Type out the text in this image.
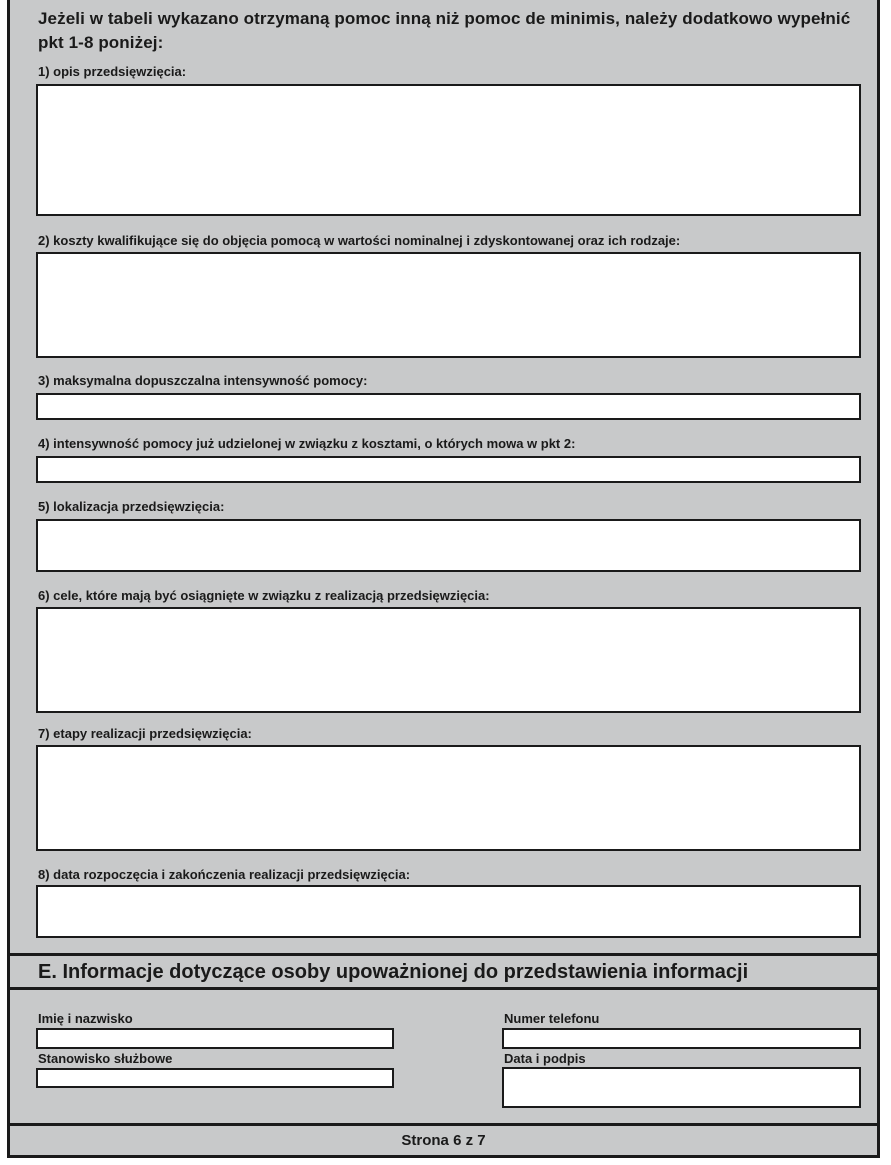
Jeżeli w tabeli wykazano otrzymaną pomoc inną niż pomoc de minimis, należy dodatkowo wypełnić pkt 1-8 poniżej:
1) opis przedsięwzięcia:
2) koszty kwalifikujące się do objęcia pomocą w wartości nominalnej i zdyskontowanej oraz ich rodzaje:
3) maksymalna dopuszczalna intensywność pomocy:
4) intensywność pomocy już udzielonej w związku z kosztami, o których mowa w pkt 2:
5) lokalizacja przedsięwzięcia:
6) cele, które mają być osiągnięte w związku z realizacją przedsięwzięcia:
7) etapy realizacji przedsięwzięcia:
8) data rozpoczęcia i zakończenia realizacji przedsięwzięcia:
E. Informacje dotyczące osoby upoważnionej do przedstawienia informacji
Imię i nazwisko	Numer telefonu
Stanowisko służbowe	Data i podpis
Strona 6 z 7
